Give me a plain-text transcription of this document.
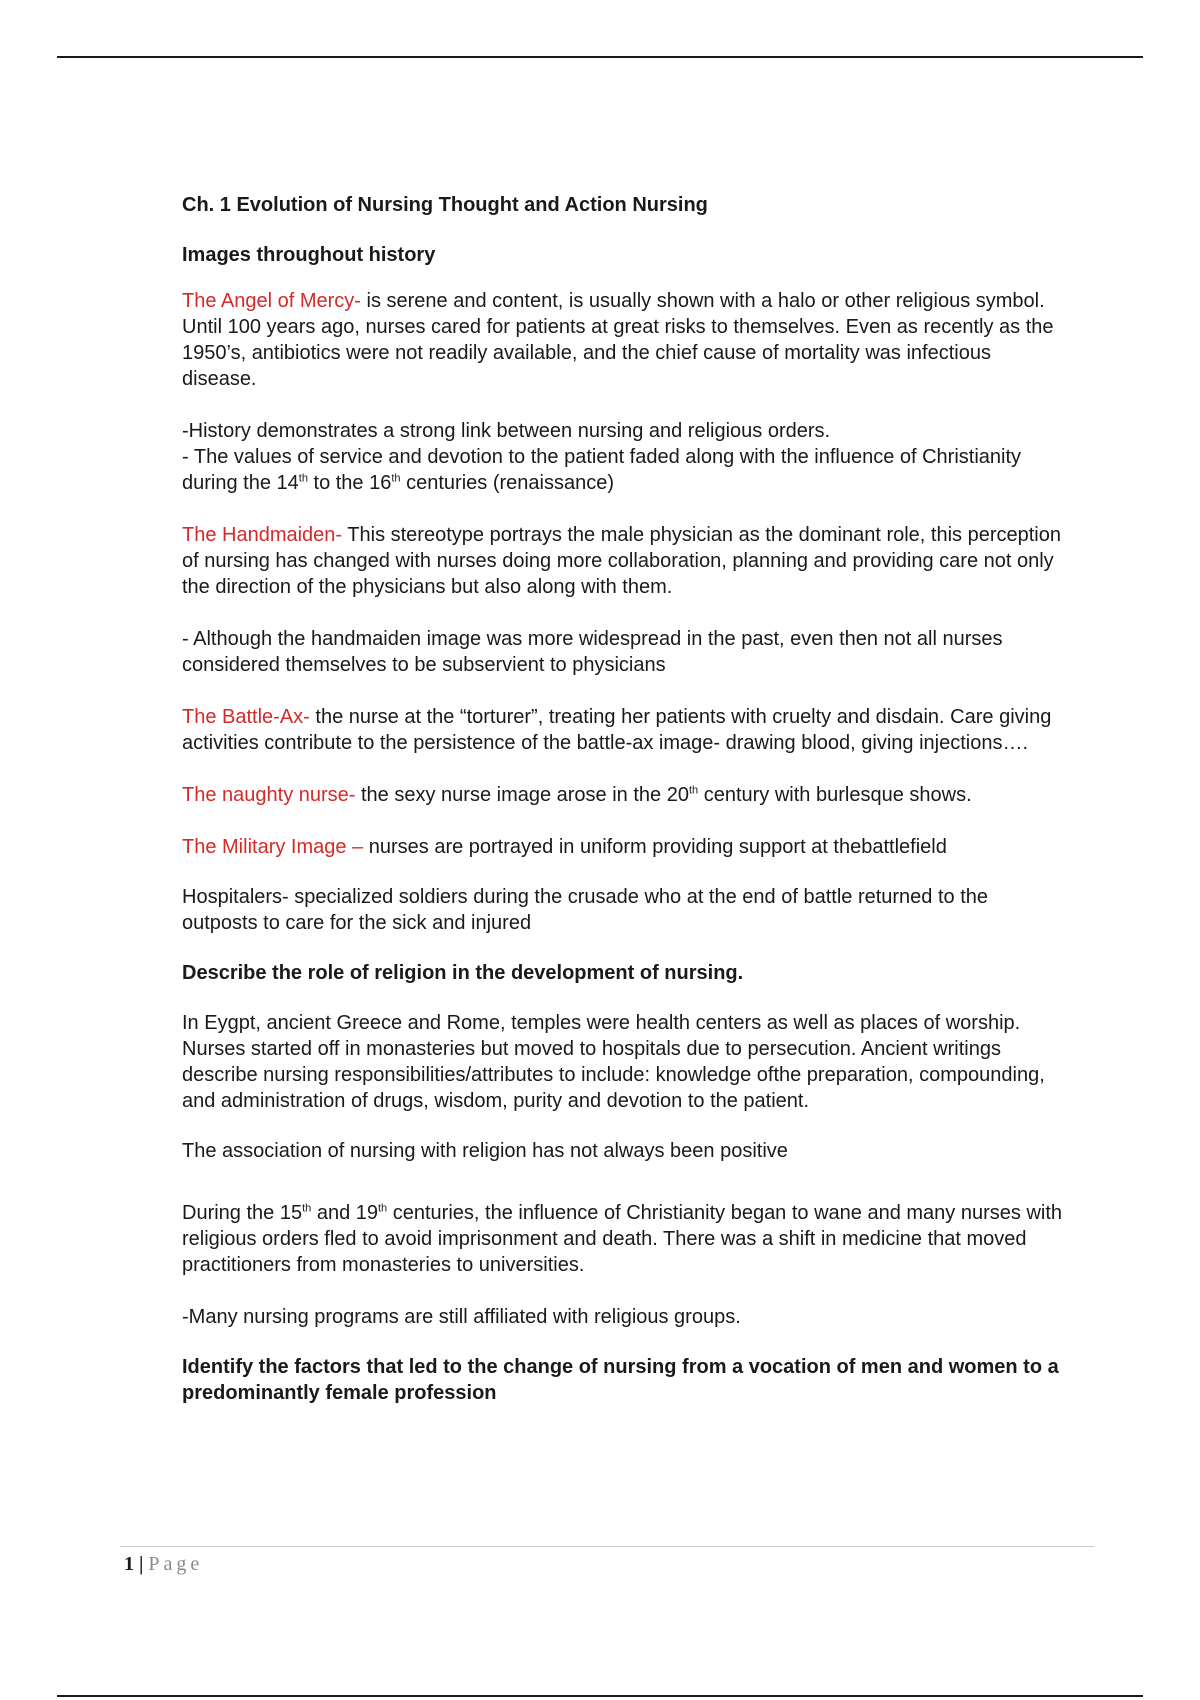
Ch. 1 Evolution of Nursing Thought and Action Nursing
Images throughout history

The Angel of Mercy- is serene and content, is usually shown with a halo or other religious symbol. Until 100 years ago, nurses cared for patients at great risks to themselves. Even as recently as the 1950’s, antibiotics were not readily available, and the chief cause of mortality was infectious disease.

-History demonstrates a strong link between nursing and religious orders.

- The values of service and devotion to the patient faded along with the influence of Christianity during the 14th to the 16th centuries (renaissance)

The Handmaiden- This stereotype portrays the male physician as the dominant role, this perception of nursing has changed with nurses doing more collaboration, planning and providing care not only the direction of the physicians but also along with them.

- Although the handmaiden image was more widespread in the past, even then not all nurses considered themselves to be subservient to physicians

The Battle-Ax- the nurse at the “torturer”, treating her patients with cruelty and disdain. Care giving activities contribute to the persistence of the battle-ax image- drawing blood, giving injections….

The naughty nurse- the sexy nurse image arose in the 20th century with burlesque shows.

The Military Image – nurses are portrayed in uniform providing support at thebattlefield

Hospitalers- specialized soldiers during the crusade who at the end of battle returned to the outposts to care for the sick and injured

Describe the role of religion in the development of nursing.

In Eygpt, ancient Greece and Rome, temples were health centers as well as places of worship. Nurses started off in monasteries but moved to hospitals due to persecution. Ancient writings describe nursing responsibilities/attributes to include: knowledge ofthe preparation, compounding, and administration of drugs, wisdom, purity and devotion to the patient.

The association of nursing with religion has not always been positive

During the 15th and 19th centuries, the influence of Christianity began to wane and many nurses with religious orders fled to avoid imprisonment and death. There was a shift in medicine that moved practitioners from monasteries to universities.

-Many nursing programs are still affiliated with religious groups.

Identify the factors that led to the change of nursing from a vocation of men and women to a predominantly female profession
1 | Page
